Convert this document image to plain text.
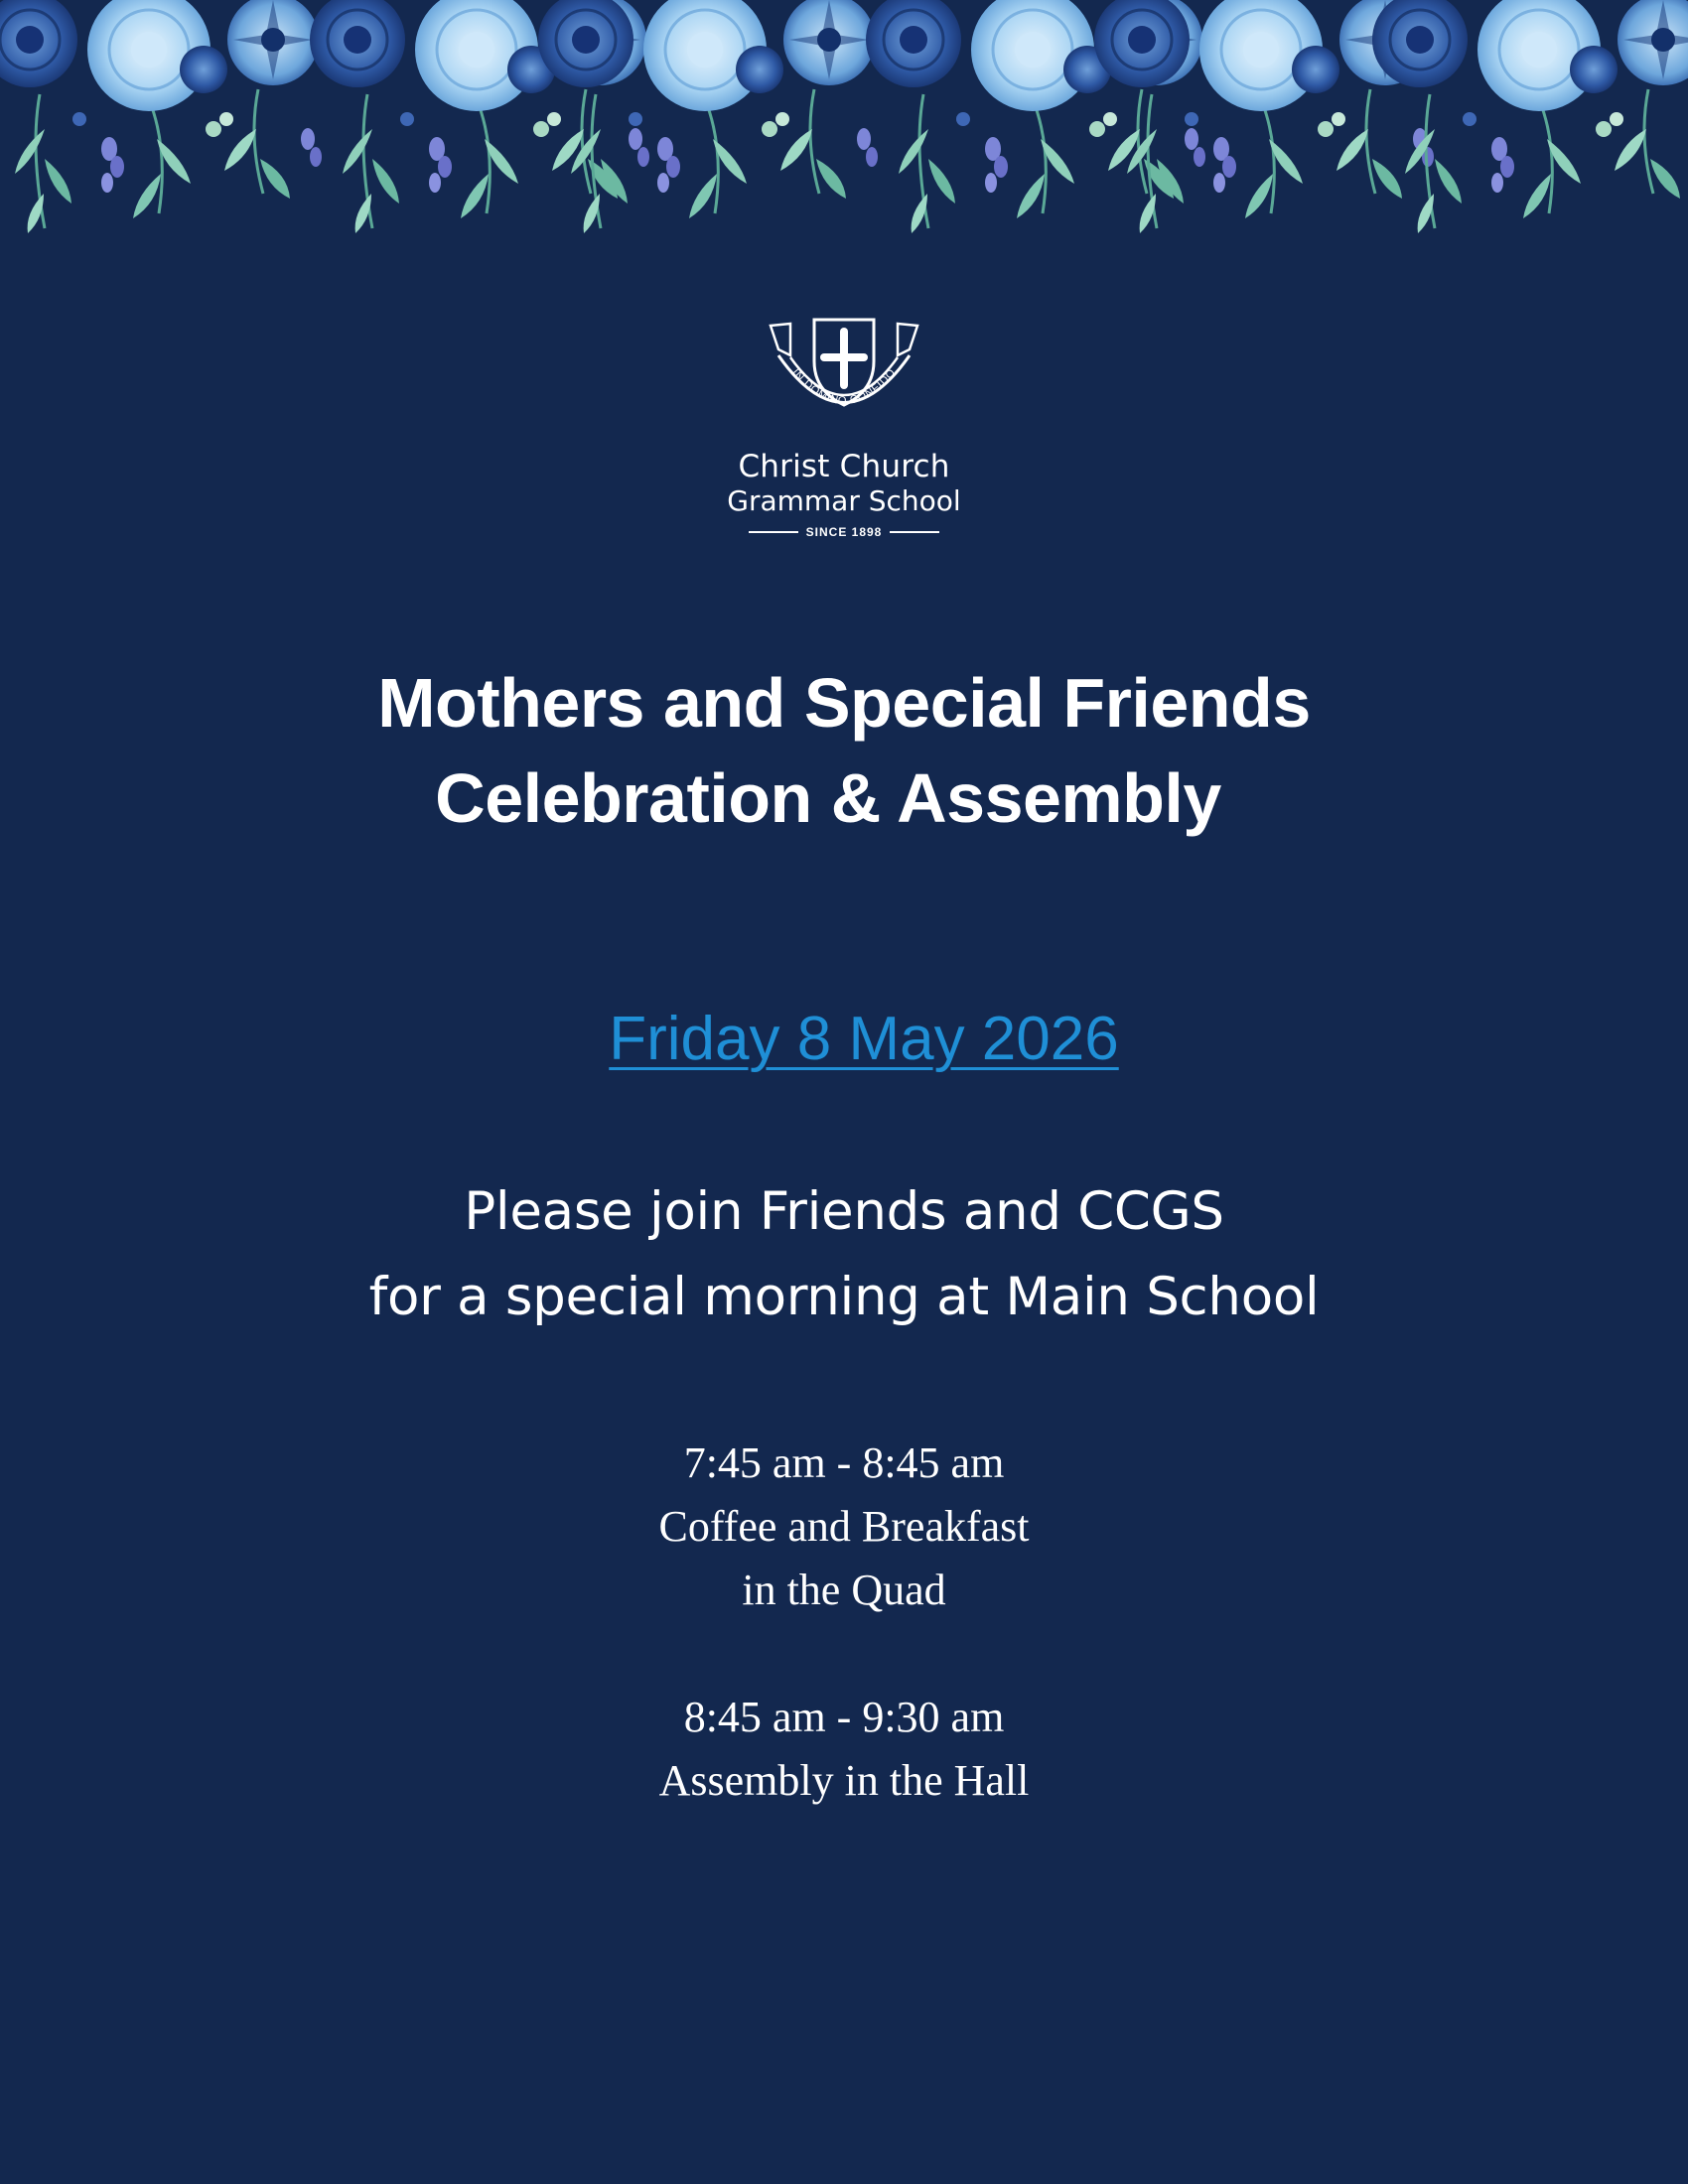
IN DOMINO CONFIDO
Christ Church
Grammar School
SINCE 1898
Mothers and Special Friends
Celebration & Assembly
Friday 8 May 2026
Please join Friends and CCGS
for a special morning at Main School
7:45 am - 8:45 am
Coffee and Breakfast
in the Quad
8:45 am - 9:30 am
Assembly in the Hall
